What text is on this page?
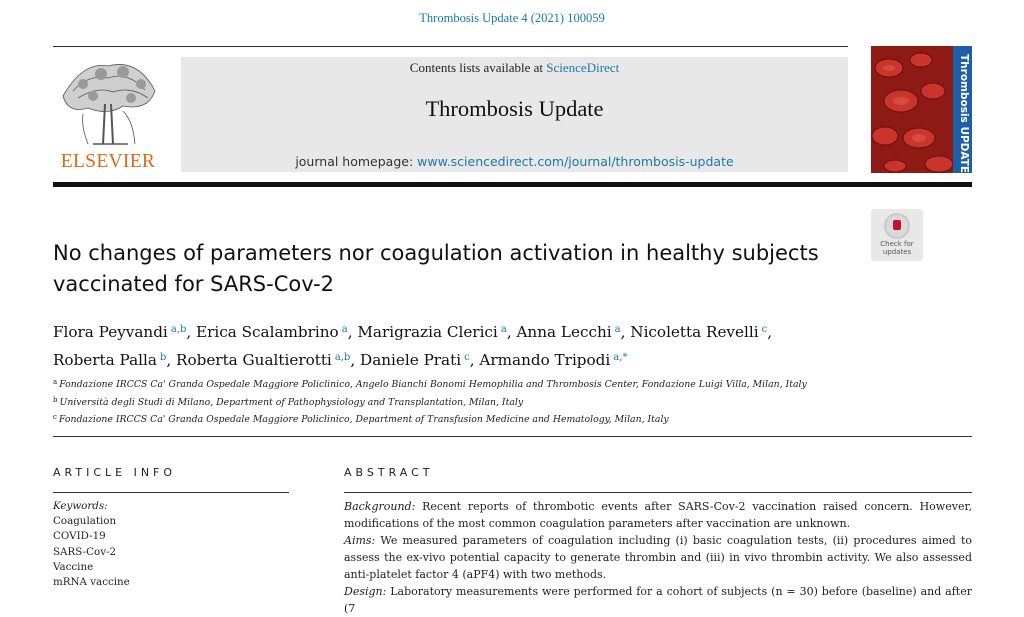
Thrombosis Update 4 (2021) 100059
ELSEVIER
Contents lists available at ScienceDirect
Thrombosis Update
journal homepage: www.sciencedirect.com/journal/thrombosis-update	Thrombosis UPDATE
Check for
updates
No changes of parameters nor coagulation activation in healthy subjects vaccinated for SARS-Cov-2
Flora Peyvandi  $^{a,b}$, Erica Scalambrino  $^a$, Marigrazia Clerici  $^a$, Anna Lecchi  $^a$, Nicoletta Revelli  $^c$,
Roberta Palla  $^b$, Roberta Gualtierotti  $^{a,b}$, Daniele Prati  $^c$, Armando Tripodi  $^{a,*}$
$^a$ Fondazione IRCCS Ca' Granda Ospedale Maggiore Policlinico, Angelo Bianchi Bonomi Hemophilia and Thrombosis Center, Fondazione Luigi Villa, Milan, Italy
$^b$ Università degli Studi di Milano, Department of Pathophysiology and Transplantation, Milan, Italy
$^c$ Fondazione IRCCS Ca' Granda Ospedale Maggiore Policlinico, Department of Transfusion Medicine and Hematology, Milan, Italy
ARTICLE INFO	ABSTRACT
Keywords:
Coagulation
COVID-19
SARS-Cov-2
Vaccine
mRNA vaccine

Background: Recent reports of thrombotic events after SARS-Cov-2 vaccination raised concern. However, modifications of the most common coagulation parameters after vaccination are unknown.

Aims: We measured parameters of coagulation including (i) basic coagulation tests, (ii) procedures aimed to assess the ex-vivo potential capacity to generate thrombin and (iii) in vivo thrombin activity. We also assessed anti-platelet factor 4 (aPF4) with two methods.

Design: Laboratory measurements were performed for a cohort of subjects (n = 30) before (baseline) and after (7
